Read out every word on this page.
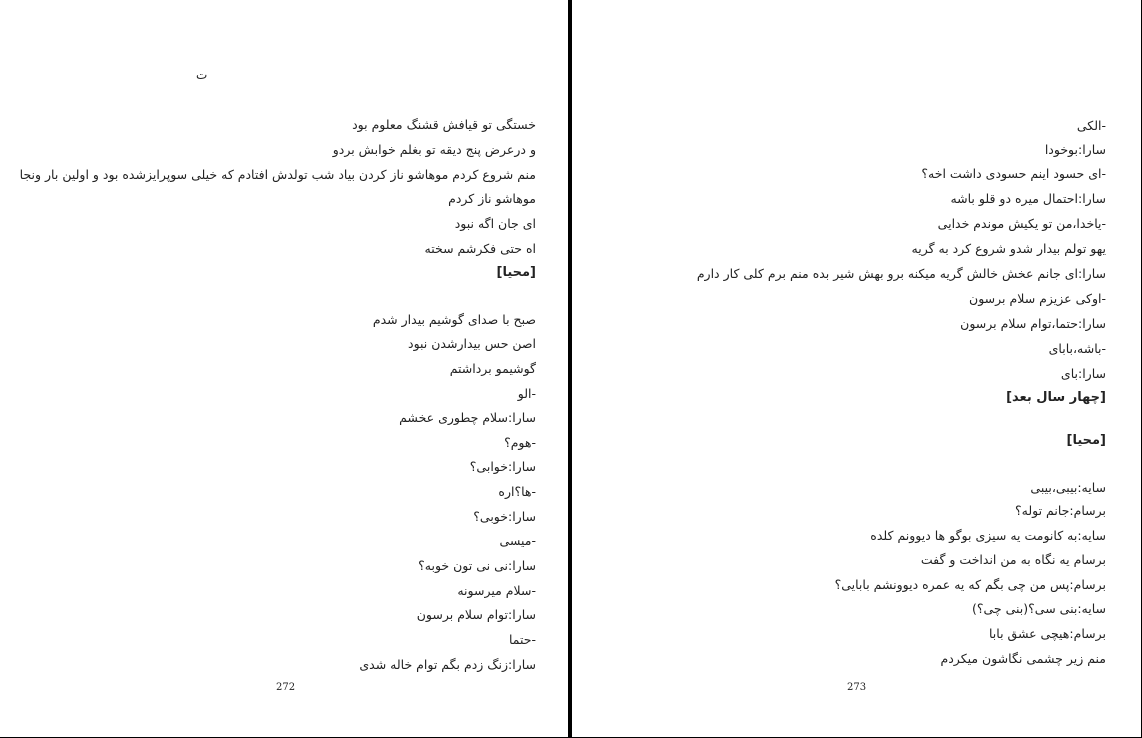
ت
خستگی تو قیافش قشنگ معلوم بود
و درعرض پنج دیقه تو بغلم خوابش بردو
منم شروع کردم موهاشو ناز کردن بیاد شب تولدش افتادم که خیلی سوپرایزشده بود و اولین بار ونجا
موهاشو ناز کردم
ای جان اگه نبود
اه حتی فکرشم سخته
[محیا]
صبح با صدای گوشیم بیدار شدم
اصن حس بیدارشدن نبود
گوشیمو برداشتم
-الو
سارا:سلام چطوری عخشم
-هوم؟
سارا:خوابی؟
-ها؟اره
سارا:خوبی؟
-میسی
سارا:نی نی تون خوبه؟
-سلام میرسونه
سارا:توام سلام برسون
-حتما
سارا:زنگ زدم بگم توام خاله شدی
272
-الکی
سارا:بوخودا
-ای حسود اینم حسودی داشت اخه؟
سارا:احتمال میره دو قلو باشه
-یاخدا،من تو یکیش موندم خدایی
یهو تولم بیدار شدو شروع کرد به گریه
سارا:ای جانم عخش خالش گریه میکنه برو بهش شیر بده منم برم کلی کار دارم
-اوکی عزیزم سلام برسون
سارا:حتما،توام سلام برسون
-باشه،بابای
سارا:بای
[چهار سال بعد]
[محیا]
سایه:بیبی،بیبی
برسام:جانم توله؟
سایه:به کانومت یه سیزی بوگو ها دیوونم کلده
برسام یه نگاه به من انداخت و گفت
برسام:پس من چی بگم که یه عمره دیوونشم بابایی؟
سایه:بنی سی؟(بنی چی؟)
برسام:هیچی عشق بابا
منم زیر چشمی نگاشون میکردم
273
